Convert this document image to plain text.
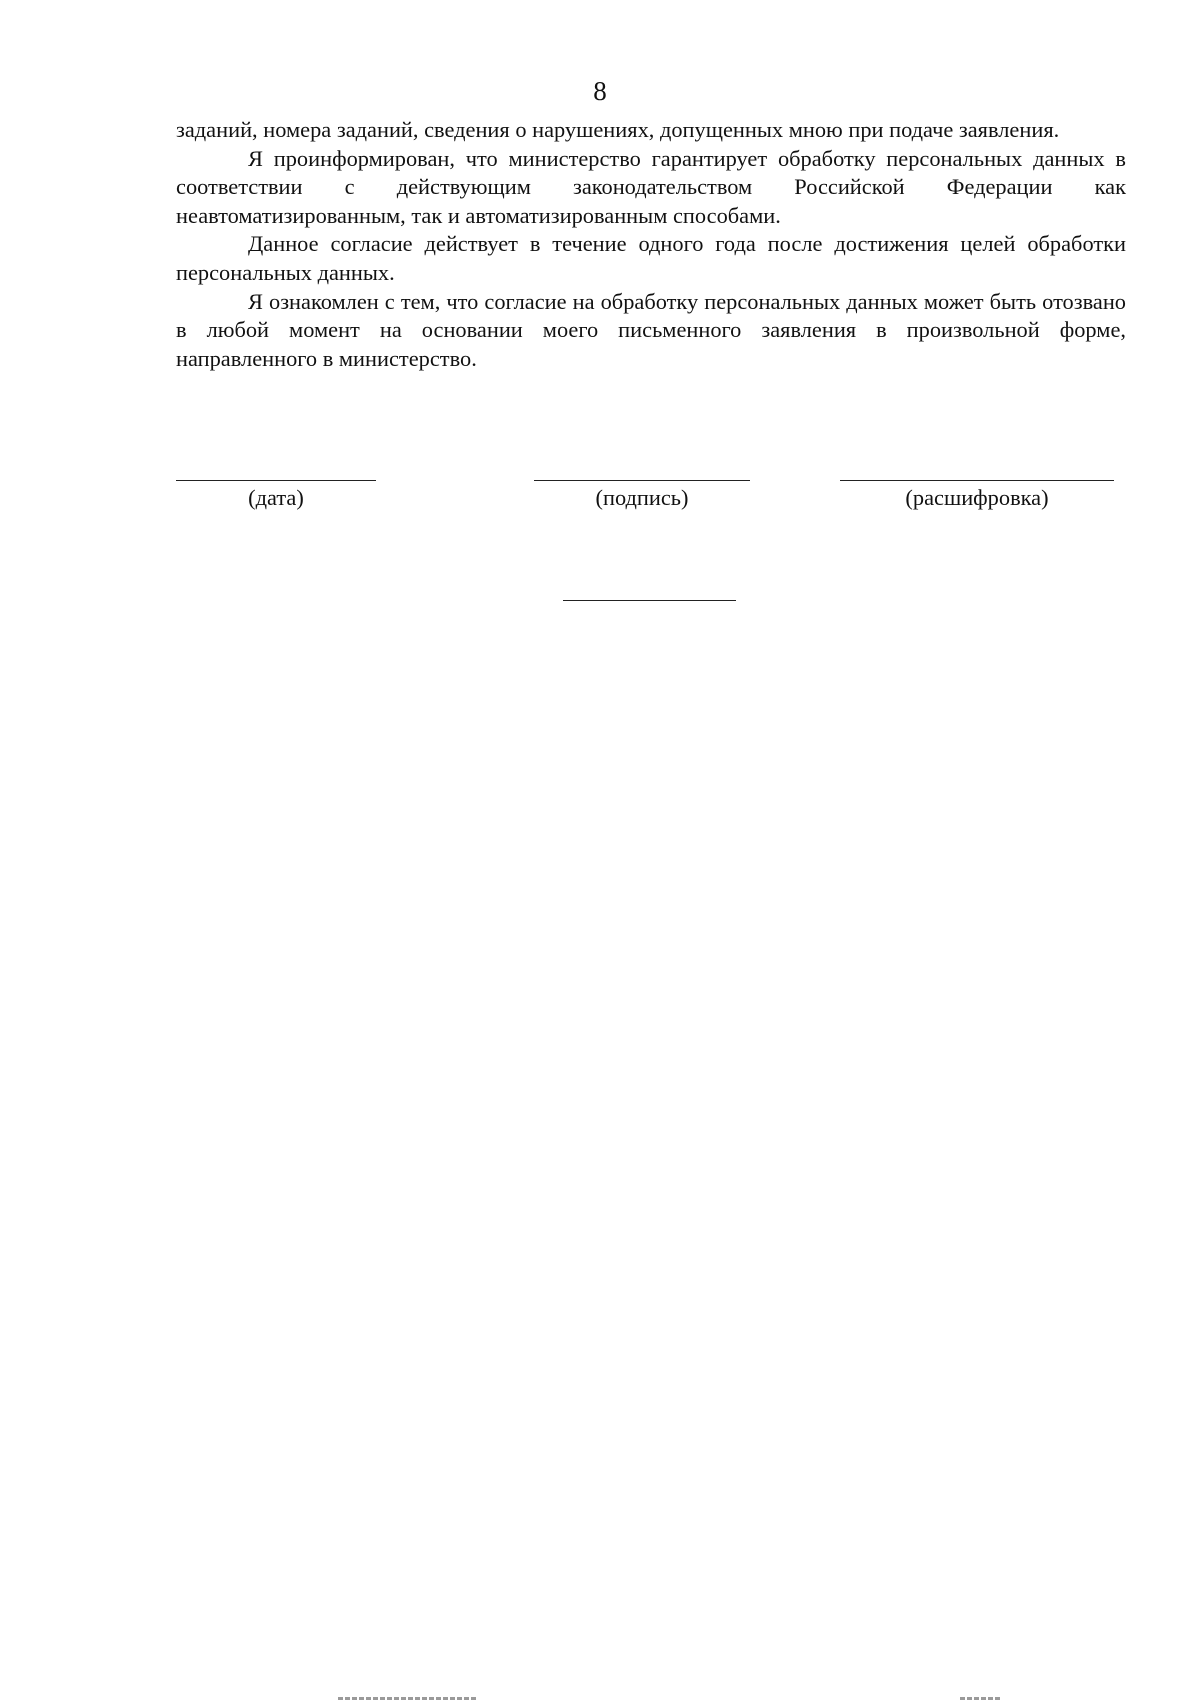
8

заданий, номера заданий, сведения о нарушениях, допущенных мною при подаче заявления.

Я проинформирован, что министерство гарантирует обработку персональных данных в соответствии с действующим законодательством Российской Федерации как неавтоматизированным, так и автоматизированным способами.

Данное согласие действует в течение одного года после достижения целей обработки персональных данных.

Я ознакомлен с тем, что согласие на обработку персональных данных может быть отозвано в любой момент на основании моего письменного заявления в произвольной форме, направленного в министерство.

(дата)	(подпись)	(расшифровка)
